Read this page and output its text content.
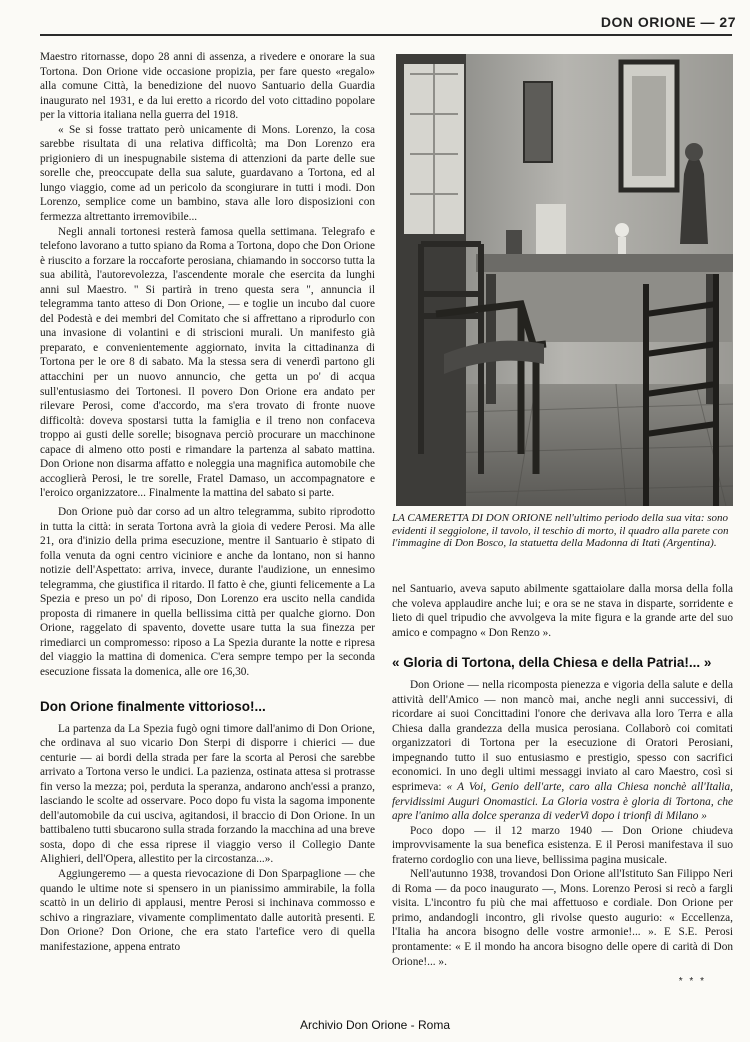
DON ORIONE — 27

Maestro ritornasse, dopo 28 anni di assenza, a rivedere e onorare la sua Tortona. Don Orione vide occasione propizia, per fare questo «regalo» alla comune Città, la benedizione del nuovo Santuario della Guardia inaugurato nel 1931, e da lui eretto a ricordo del voto cittadino popolare per la vittoria italiana nella guerra del 1918.

« Se si fosse trattato però unicamente di Mons. Lorenzo, la cosa sarebbe risultata di una relativa difficoltà; ma Don Lorenzo era prigioniero di un inespugnabile sistema di attenzioni da parte delle sue sorelle che, preoccupate della sua salute, guardavano a Tortona, ed al lungo viaggio, come ad un pericolo da scongiurare in tutti i modi. Don Lorenzo, semplice come un bambino, stava alle loro disposizioni con fermezza altrettanto irremovibile...

Negli annali tortonesi resterà famosa quella settimana. Telegrafo e telefono lavorano a tutto spiano da Roma a Tortona, dopo che Don Orione è riuscito a forzare la roccaforte perosiana, chiamando in soccorso tutta la sua abilità, l'autorevolezza, l'ascendente morale che esercita da lunghi anni sul Maestro. " Si partirà in treno questa sera ", annuncia il telegramma tanto atteso di Don Orione, — e toglie un incubo dal cuore del Podestà e dei membri del Comitato che si affrettano a riprodurlo con una invasione di volantini e di striscioni murali. Un manifesto già preparato, e convenientemente aggiornato, invita la cittadinanza di Tortona per le ore 8 di sabato. Ma la stessa sera di venerdì partono gli attacchini per un nuovo annuncio, che getta un po' di acqua sull'entusiasmo dei Tortonesi. Il povero Don Orione era andato per rilevare Perosi, come d'accordo, ma s'era trovato di fronte nuove difficoltà: doveva spostarsi tutta la famiglia e il treno non confaceva troppo ai gusti delle sorelle; bisognava perciò procurare un macchinone capace di almeno otto posti e rimandare la partenza al sabato mattina. Don Orione non disarma affatto e noleggia una magnifica automobile che accoglierà Perosi, le tre sorelle, Fratel Damaso, un accompagnatore e l'eroico organizzatore... Finalmente la mattina del sabato si parte.

Don Orione può dar corso ad un altro telegramma, subito riprodotto in tutta la città: in serata Tortona avrà la gioia di vedere Perosi. Ma alle 21, ora d'inizio della prima esecuzione, mentre il Santuario è stipato di folla venuta da ogni centro viciniore e anche da lontano, non si hanno notizie dell'Aspettato: arriva, invece, durante l'audizione, un ennesimo telegramma, che giustifica il ritardo. Il fatto è che, giunti felicemente a La Spezia e preso un po' di riposo, Don Lorenzo era uscito nella candida proposta di rimanere in quella bellissima città per qualche giorno. Don Orione, raggelato di spavento, dovette usare tutta la sua finezza per rimediarci un compromesso: riposo a La Spezia durante la notte e ripresa del viaggio la mattina di domenica. C'era sempre tempo per la seconda esecuzione fissata la domenica, alle ore 16,30.

Don Orione finalmente vittorioso!...

La partenza da La Spezia fugò ogni timore dall'animo di Don Orione, che ordinava al suo vicario Don Sterpi di disporre i chierici — due centurie — ai bordi della strada per fare la scorta al Perosi che sarebbe arrivato a Tortona verso le undici. La pazienza, ostinata attesa si protrasse fin verso la mezza; poi, perduta la speranza, andarono anch'essi a pranzo, lasciando le scolte ad osservare. Poco dopo fu vista la sagoma imponente dell'automobile da cui usciva, agitandosi, il braccio di Don Orione. In un battibaleno tutti sbucarono sulla strada forzando la macchina ad una breve sosta, dopo di che essa riprese il viaggio verso il Collegio Dante Alighieri, dell'Opera, allestito per la circostanza...».

Aggiungeremo — a questa rievocazione di Don Sparpaglione — che quando le ultime note si spensero in un pianissimo ammirabile, la folla scattò in un delirio di applausi, mentre Perosi si inchinava commosso e schivo a ringraziare, vivamente complimentato dalle autorità presenti. E Don Orione? Don Orione, che era stato l'artefice vero di quella manifestazione, appena entrato

LA CAMERETTA DI DON ORIONE nell'ultimo periodo della sua vita: sono evidenti il seggiolone, il tavolo, il teschio di morto, il quadro alla parete con l'immagine di Don Bosco, la statuetta della Madonna di Itatì (Argentina).

nel Santuario, aveva saputo abilmente sgattaiolare dalla morsa della folla che voleva applaudire anche lui; e ora se ne stava in disparte, sorridente e lieto di quel tripudio che avvolgeva la mite figura e la grande arte del suo amico e compagno « Don Renzo ».

« Gloria di Tortona, della Chiesa e della Patria!... »

Don Orione — nella ricomposta pienezza e vigoria della salute e della attività dell'Amico — non mancò mai, anche negli anni successivi, di ricordare ai suoi Concittadini l'onore che derivava alla loro Terra e alla Chiesa dalla grandezza della musica perosiana. Collaborò coi comitati organizzatori di Tortona per la esecuzione di Oratori Perosiani, impegnando tutto il suo entusiasmo e prestigio, spesso con sacrifici economici. In uno degli ultimi messaggi inviato al caro Maestro, così si esprimeva: « A Voi, Genio dell'arte, caro alla Chiesa nonchè all'Italia, fervidissimi Auguri Onomastici. La Gloria vostra è gloria di Tortona, che apre l'animo alla dolce speranza di vederVi dopo i trionfi di Milano »

Poco dopo — il 12 marzo 1940 — Don Orione chiudeva improvvisamente la sua benefica esistenza. E il Perosi manifestava il suo fraterno cordoglio con una lieve, bellissima pagina musicale.

Nell'autunno 1938, trovandosi Don Orione all'Istituto San Filippo Neri di Roma — da poco inaugurato —, Mons. Lorenzo Perosi si recò a fargli visita. L'incontro fu più che mai affettuoso e cordiale. Don Orione per primo, andandogli incontro, gli rivolse questo augurio: « Eccellenza, l'Italia ha ancora bisogno delle vostre armonie!... ». E S.E. Perosi prontamente: « E il mondo ha ancora bisogno delle opere di carità di Don Orione!... ».

* * *
Archivio Don Orione - Roma
